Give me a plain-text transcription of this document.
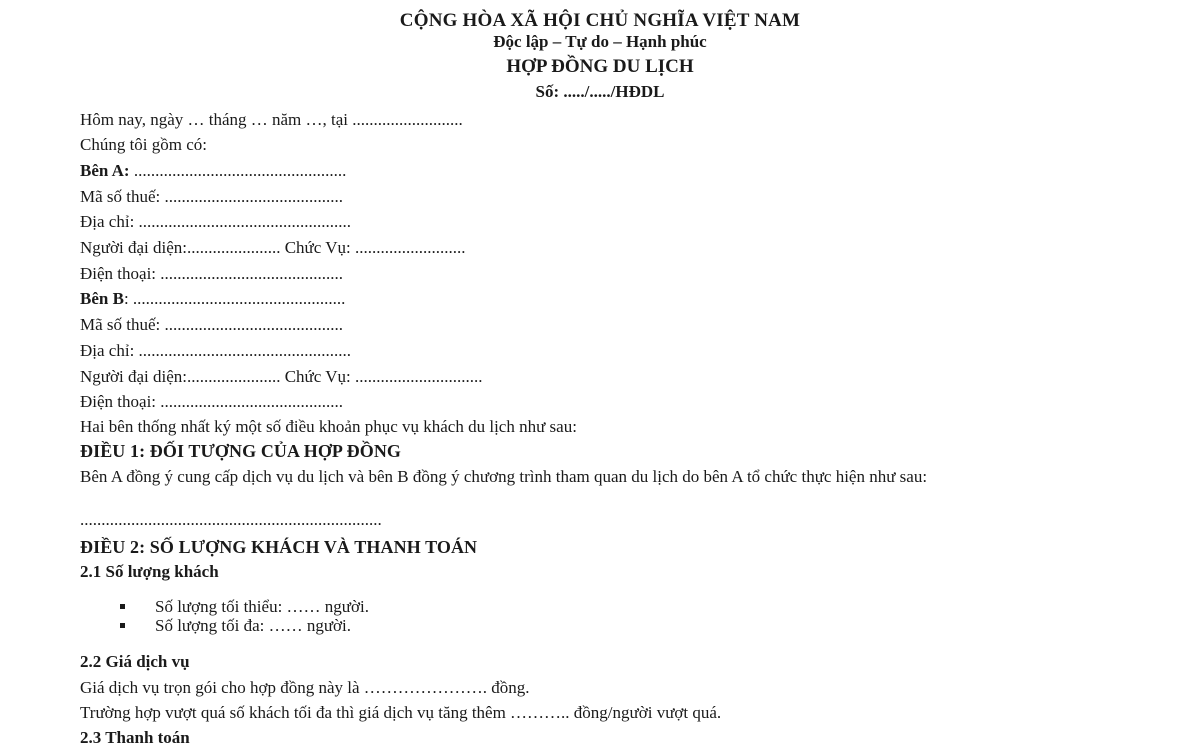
CỘNG HÒA XÃ HỘI CHỦ NGHĨA VIỆT NAM
Độc lập – Tự do – Hạnh phúc
HỢP ĐỒNG DU LỊCH
Số: ...../...../HĐDL
Hôm nay, ngày … tháng … năm …, tại ..........................
Chúng tôi gồm có:
Bên A: ..................................................
Mã số thuế: ..........................................
Địa chỉ: ..................................................
Người đại diện:...................... Chức Vụ: ..........................
Điện thoại: ...........................................
Bên B: ..................................................
Mã số thuế: ..........................................
Địa chỉ: ..................................................
Người đại diện:...................... Chức Vụ: ..............................
Điện thoại: ...........................................
Hai bên thống nhất ký một số điều khoản phục vụ khách du lịch như sau:
ĐIỀU 1: ĐỐI TƯỢNG CỦA HỢP ĐỒNG
Bên A đồng ý cung cấp dịch vụ du lịch và bên B đồng ý chương trình tham quan du lịch do bên A tổ chức thực hiện như sau:
.......................................................................
ĐIỀU 2: SỐ LƯỢNG KHÁCH VÀ THANH TOÁN
2.1 Số lượng khách
Số lượng tối thiểu: …… người.
Số lượng tối đa: …… người.
2.2 Giá dịch vụ
Giá dịch vụ trọn gói cho hợp đồng này là …………………. đồng.
Trường hợp vượt quá số khách tối đa thì giá dịch vụ tăng thêm ……….. đồng/người vượt quá.
2.3 Thanh toán
